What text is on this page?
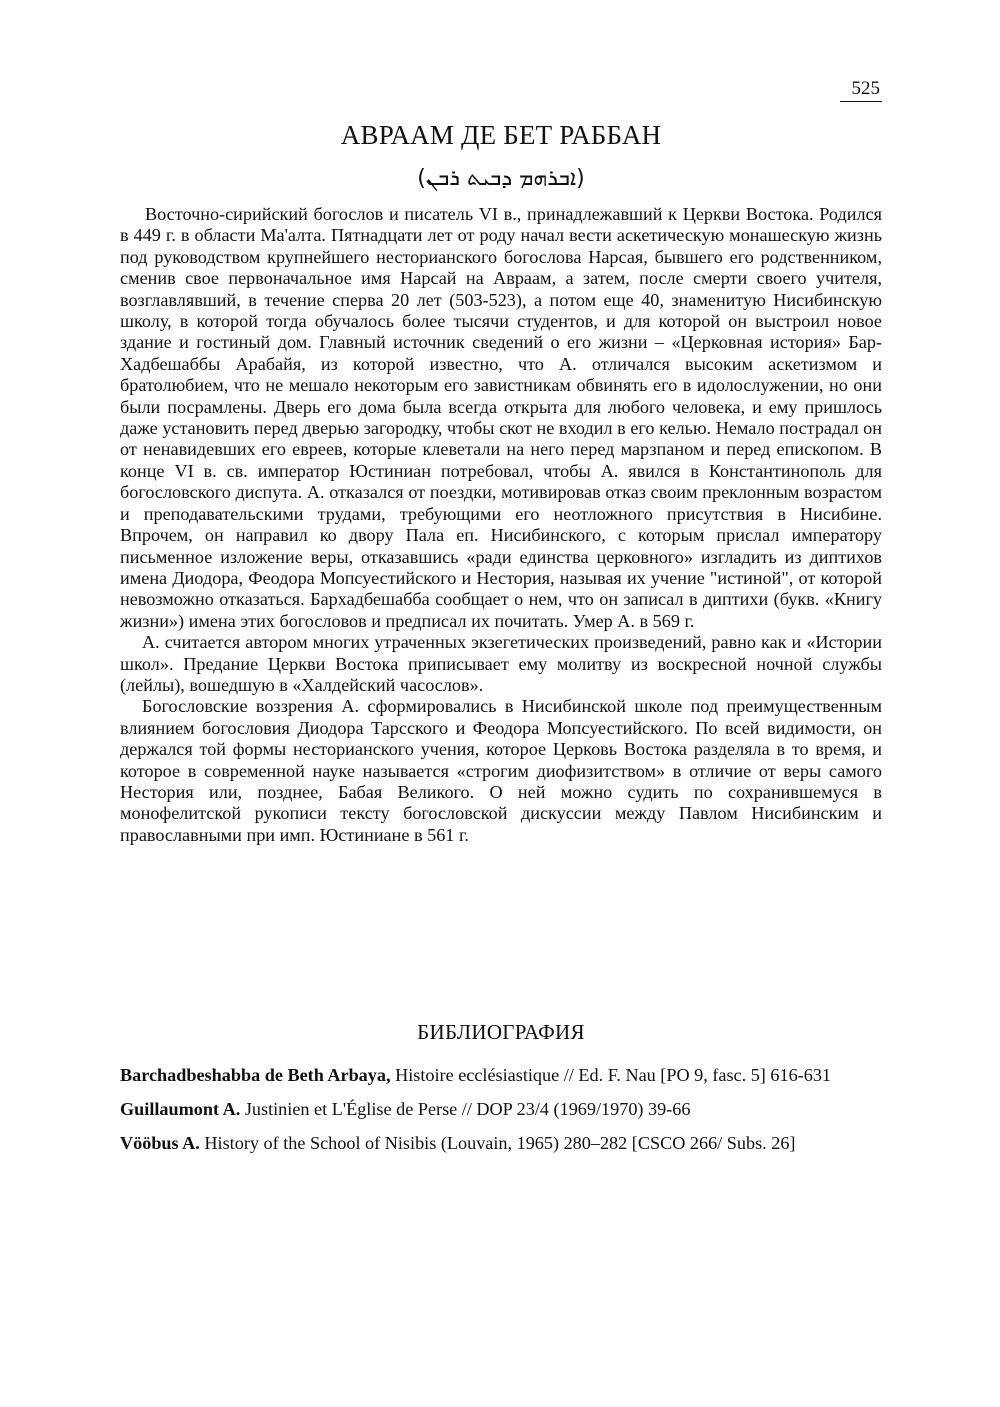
525
АВРААМ ДЕ БЕТ РАББАН
(ܐܒܪܗܡ ܕܒܝܬ ܪܒܢ)

Восточно-сирийский богослов и писатель VI в., принадлежавший к Церкви Востока. Родился в 449 г. в области Ма'алта. Пятнадцати лет от роду начал вести аскетическую монашескую жизнь под руководством крупнейшего несторианского богослова Нарсая, бывшего его родственником, сменив свое первоначальное имя Нарсай на Авраам, а затем, после смерти своего учителя, возглавлявший, в течение сперва 20 лет (503-523), а потом еще 40, знаменитую Нисибинскую школу, в которой тогда обучалось более тысячи студентов, и для которой он выстроил новое здание и гостиный дом. Главный источник сведений о его жизни – «Церковная история» Бар-Хадбешаббы Арабайя, из которой известно, что А. отличался высоким аскетизмом и братолюбием, что не мешало некоторым его завистникам обвинять его в идолослужении, но они были посрамлены. Дверь его дома была всегда открыта для любого человека, и ему пришлось даже установить перед дверью загородку, чтобы скот не входил в его келью. Немало пострадал он от ненавидевших его евреев, которые клеветали на него перед марзпаном и перед епископом. В конце VI в. св. император Юстиниан потребовал, чтобы А. явился в Константинополь для богословского диспута. А. отказался от поездки, мотивировав отказ своим преклонным возрастом и преподавательскими трудами, требующими его неотложного присутствия в Нисибине. Впрочем, он направил ко двору Пала еп. Нисибинского, с которым прислал императору письменное изложение веры, отказавшись «ради единства церковного» изгладить из диптихов имена Диодора, Феодора Мопсуестийского и Нестория, называя их учение "истиной", от которой невозможно отказаться. Бархадбешабба сообщает о нем, что он записал в диптихи (букв. «Книгу жизни») имена этих богословов и предписал их почитать. Умер А. в 569 г.

А. считается автором многих утраченных экзегетических произведений, равно как и «Истории школ». Предание Церкви Востока приписывает ему молитву из воскресной ночной службы (лейлы), вошедшую в «Халдейский часослов».

Богословские воззрения А. сформировались в Нисибинской школе под преимущественным влиянием богословия Диодора Тарсского и Феодора Мопсуестийского. По всей видимости, он держался той формы несторианского учения, которое Церковь Востока разделяла в то время, и которое в современной науке называется «строгим диофизитством» в отличие от веры самого Нестория или, позднее, Бабая Великого. О ней можно судить по сохранившемуся в монофелитской рукописи тексту богословской дискуссии между Павлом Нисибинским и православными при имп. Юстиниане в 561 г.

БИБЛИОГРАФИЯ

Barchadbeshabba de Beth Arbaya, Histoire ecclésiastique // Ed. F. Nau [PO 9, fasc. 5] 616-631

Guillaumont A. Justinien et L'Église de Perse // DOP 23/4 (1969/1970) 39-66

Vööbus A. History of the School of Nisibis (Louvain, 1965) 280–282 [CSCO 266/ Subs. 26]
